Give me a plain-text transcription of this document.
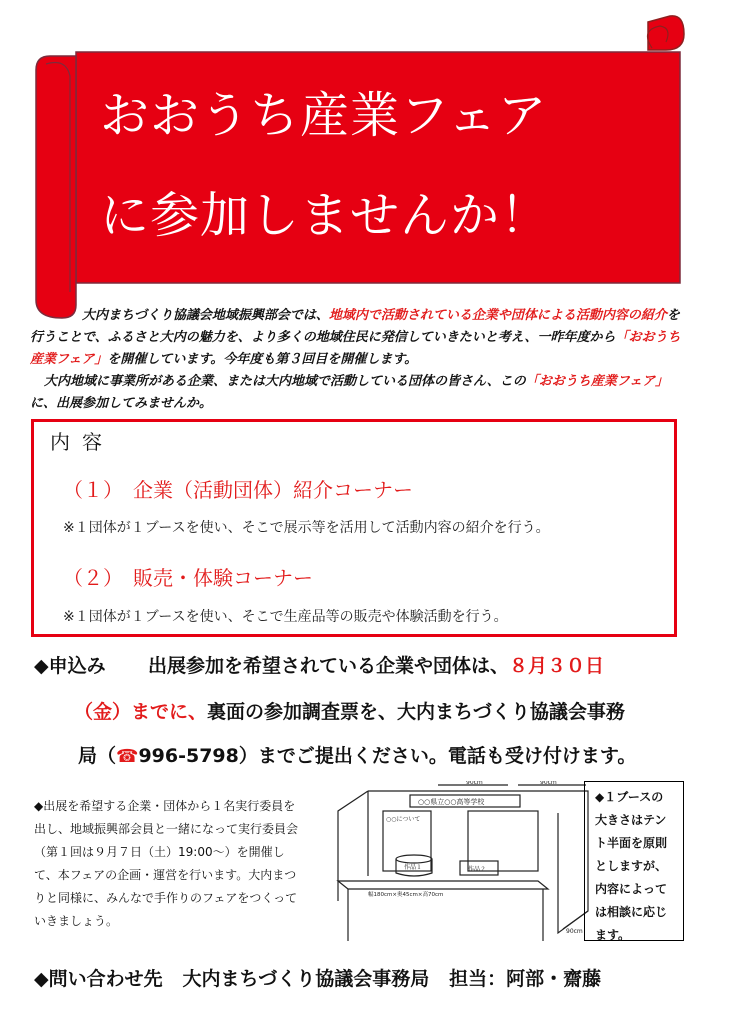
おおうち産業フェア
に参加しませんか！
大内まちづくり協議会地域振興部会では、地域内で活動されている企業や団体による活動内容の紹介を行うことで、ふるさと大内の魅力を、より多くの地域住民に発信していきたいと考え、一昨年度から「おおうち産業フェア」を開催しています。今年度も第３回目を開催します。
大内地域に事業所がある企業、または大内地域で活動している団体の皆さん、この「おおうち産業フェア」に、出展参加してみませんか。
内容
（１）　企業（活動団体）紹介コーナー
※１団体が１ブースを使い、そこで展示等を活用して活動内容の紹介を行う。
（２）　販売・体験コーナー
※１団体が１ブースを使い、そこで生産品等の販売や体験活動を行う。
◆申込み 出展参加を希望されている企業や団体は、８月３０日
（金）までに、裏面の参加調査票を、大内まちづくり協議会事務
局（☎996-5798）までご提出ください。電話も受け付けます。
◆出展を希望する企業・団体から１名実行委員を出し、地域振興部会員と一緒になって実行委員会（第１回は９月７日（土）19:00～）を開催して、本フェアの企画・運営を行います。大内まつりと同様に、みんなで手作りのフェアをつくっていきましょう。
90cm	90cm
○○県立○○高等学校
○○について
作品１	作品２
幅180cm×奥45cm×高70cm
90cm
◆１ブースの
大きさはテン
ト半面を原則
としますが、
内容によって
は相談に応じ
ます。
◆問い合わせ先 大内まちづくり協議会事務局 担当：阿部・齋藤
